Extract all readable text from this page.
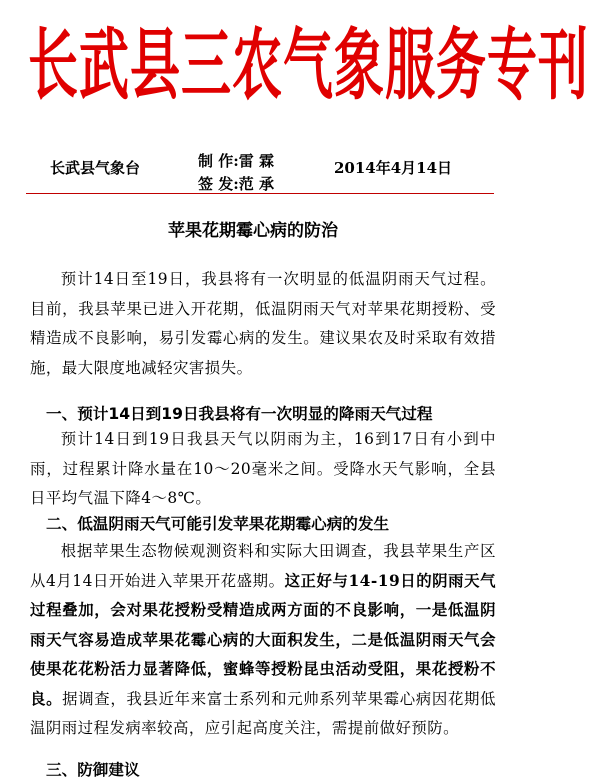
长武县三农气象服务专刊
长武县气象台	制 作:雷 霖
签 发:范 承
2014年4月14日
苹果花期霉心病的防治

预计14日至19日，我县将有一次明显的低温阴雨天气过程。目前，我县苹果已进入开花期，低温阴雨天气对苹果花期授粉、受精造成不良影响，易引发霉心病的发生。建议果农及时采取有效措施，最大限度地减轻灾害损失。

一、预计14日到19日我县将有一次明显的降雨天气过程

预计14日到19日我县天气以阴雨为主，16到17日有小到中雨，过程累计降水量在10～20毫米之间。受降水天气影响，全县日平均气温下降4～8℃。

二、低温阴雨天气可能引发苹果花期霉心病的发生

根据苹果生态物候观测资料和实际大田调查，我县苹果生产区从4月14日开始进入苹果开花盛期。这正好与14-19日的阴雨天气过程叠加，会对果花授粉受精造成两方面的不良影响，一是低温阴雨天气容易造成苹果花霉心病的大面积发生，二是低温阴雨天气会使果花花粉活力显著降低，蜜蜂等授粉昆虫活动受阻，果花授粉不良。据调查，我县近年来富士系列和元帅系列苹果霉心病因花期低温阴雨过程发病率较高，应引起高度关注，需提前做好预防。

三、防御建议
